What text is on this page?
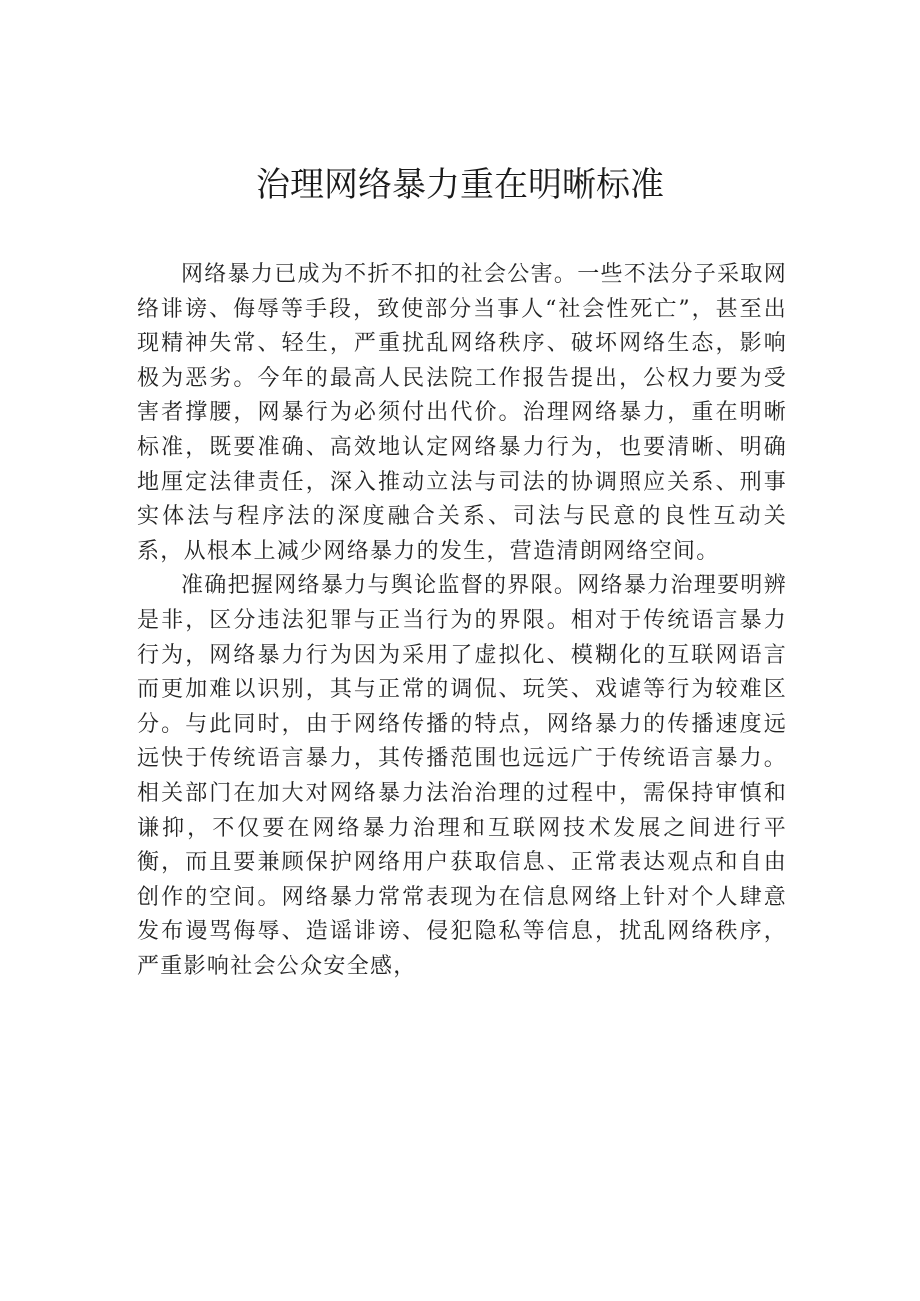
治理网络暴力重在明晰标准

网络暴力已成为不折不扣的社会公害。一些不法分子采取网络诽谤、侮辱等手段，致使部分当事人“社会性死亡”，甚至出现精神失常、轻生，严重扰乱网络秩序、破坏网络生态，影响极为恶劣。今年的最高人民法院工作报告提出，公权力要为受害者撑腰，网暴行为必须付出代价。治理网络暴力，重在明晰标准，既要准确、高效地认定网络暴力行为，也要清晰、明确地厘定法律责任，深入推动立法与司法的协调照应关系、刑事实体法与程序法的深度融合关系、司法与民意的良性互动关系，从根本上减少网络暴力的发生，营造清朗网络空间。

准确把握网络暴力与舆论监督的界限。网络暴力治理要明辨是非，区分违法犯罪与正当行为的界限。相对于传统语言暴力行为，网络暴力行为因为采用了虚拟化、模糊化的互联网语言而更加难以识别，其与正常的调侃、玩笑、戏谑等行为较难区分。与此同时，由于网络传播的特点，网络暴力的传播速度远远快于传统语言暴力，其传播范围也远远广于传统语言暴力。相关部门在加大对网络暴力法治治理的过程中，需保持审慎和谦抑，不仅要在网络暴力治理和互联网技术发展之间进行平衡，而且要兼顾保护网络用户获取信息、正常表达观点和自由创作的空间。网络暴力常常表现为在信息网络上针对个人肆意发布谩骂侮辱、造谣诽谤、侵犯隐私等信息，扰乱网络秩序，严重影响社会公众安全感，
